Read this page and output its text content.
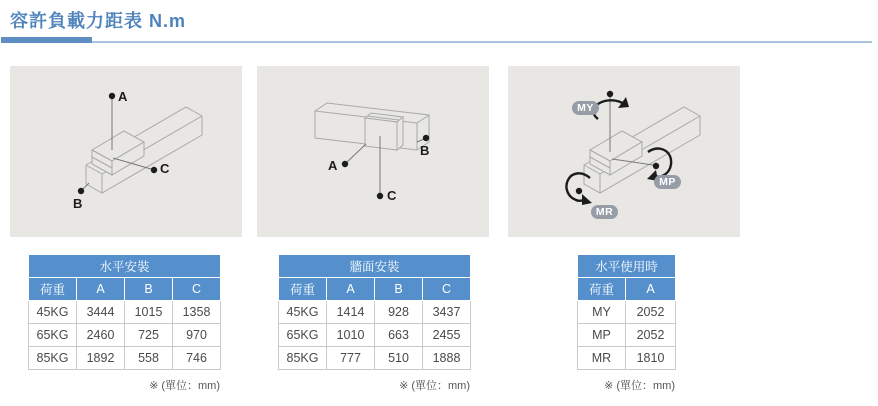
容許負載力距表 N.m
A
B
C	A
B
C
MY
MP
MR
水平安裝			
荷重	A	B	C
45KG	3444	1015	1358
65KG	2460	725	970
85KG	1892	558	746
※ (單位：mm)
牆面安裝			
荷重	A	B	C
45KG	1414	928	3437
65KG	1010	663	2455
85KG	777	510	1888
※ (單位：mm)
水平使用時	
荷重	A
MY	2052
MP	2052
MR	1810
※ (單位：mm)
